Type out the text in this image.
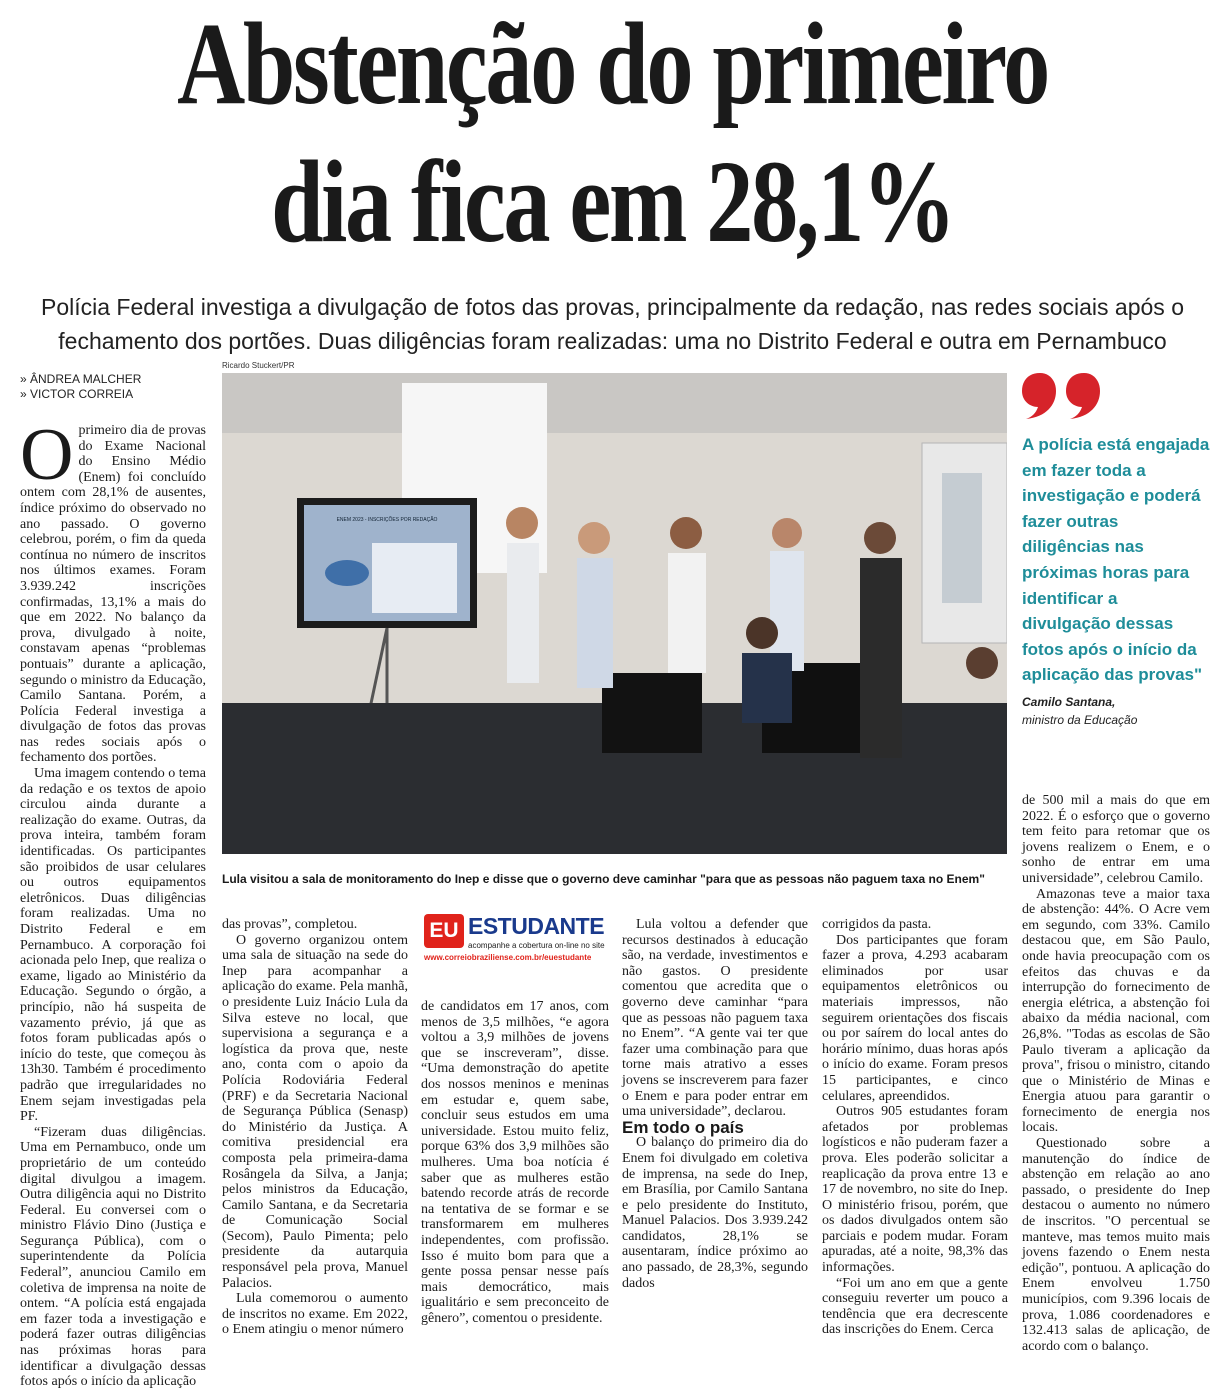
Abstenção do primeiro
dia fica em 28,1%
Polícia Federal investiga a divulgação de fotos das provas, principalmente da redação, nas redes sociais após o fechamento dos portões. Duas diligências foram realizadas: uma no Distrito Federal e outra em Pernambuco
» ÂNDREA MALCHER
» VICTOR CORREIA

Oprimeiro dia de provas do Exame Nacional do Ensino Médio (Enem) foi concluído ontem com 28,1% de ausentes, índice próximo do observado no ano passado. O governo celebrou, porém, o fim da queda contínua no número de inscritos nos últimos exames. Foram 3.939.242 inscrições confirmadas, 13,1% a mais do que em 2022. No balanço da prova, divulgado à noite, constavam apenas “problemas pontuais” durante a aplicação, segundo o ministro da Educação, Camilo Santana. Porém, a Polícia Federal investiga a divulgação de fotos das provas nas redes sociais após o fechamento dos portões.

Uma imagem contendo o tema da redação e os textos de apoio circulou ainda durante a realização do exame. Outras, da prova inteira, também foram identificadas. Os participantes são proibidos de usar celulares ou outros equipamentos eletrônicos. Duas diligências foram realizadas. Uma no Distrito Federal e em Pernambuco. A corporação foi acionada pelo Inep, que realiza o exame, ligado ao Ministério da Educação. Segundo o órgão, a princípio, não há suspeita de vazamento prévio, já que as fotos foram publicadas após o início do teste, que começou às 13h30. Também é procedimento padrão que irregularidades no Enem sejam investigadas pela PF.

“Fizeram duas diligências. Uma em Pernambuco, onde um proprietário de um conteúdo digital divulgou a imagem. Outra diligência aqui no Distrito Federal. Eu conversei com o ministro Flávio Dino (Justiça e Segurança Pública), com o superintendente da Polícia Federal”, anunciou Camilo em coletiva de imprensa na noite de ontem. “A polícia está engajada em fazer toda a investigação e poderá fazer outras diligências nas próximas horas para identificar a divulgação dessas fotos após o início da aplicação

Ricardo Stuckert/PR
ENEM 2023 - INSCRIÇÕES POR REDAÇÃO
Lula visitou a sala de monitoramento do Inep e disse que o governo deve caminhar "para que as pessoas não paguem taxa no Enem"
A polícia está engajada em fazer toda a investigação e poderá fazer outras diligências nas próximas horas para identificar a divulgação dessas fotos após o início da aplicação das provas"
Camilo Santana,
ministro da Educação

das provas”, completou.

O governo organizou ontem uma sala de situação na sede do Inep para acompanhar a aplicação do exame. Pela manhã, o presidente Luiz Inácio Lula da Silva esteve no local, que supervisiona a segurança e a logística da prova que, neste ano, conta com o apoio da Polícia Rodoviária Federal (PRF) e da Secretaria Nacional de Segurança Pública (Senasp) do Ministério da Justiça. A comitiva presidencial era composta pela primeira-dama Rosângela da Silva, a Janja; pelos ministros da Educação, Camilo Santana, e da Secretaria de Comunicação Social (Secom), Paulo Pimenta; pelo presidente da autarquia responsável pela prova, Manuel Palacios.

Lula comemorou o aumento de inscritos no exame. Em 2022, o Enem atingiu o menor número

EU ESTUDANTE
acompanhe a cobertura on-line no site
www.correiobraziliense.com.br/euestudante

de candidatos em 17 anos, com menos de 3,5 milhões, “e agora voltou a 3,9 milhões de jovens que se inscreveram”, disse. “Uma demonstração do apetite dos nossos meninos e meninas em estudar e, quem sabe, concluir seus estudos em uma universidade. Estou muito feliz, porque 63% dos 3,9 milhões são mulheres. Uma boa notícia é saber que as mulheres estão batendo recorde atrás de recorde na tentativa de se formar e se transformarem em mulheres independentes, com profissão. Isso é muito bom para que a gente possa pensar nesse país mais democrático, mais igualitário e sem preconceito de gênero”, comentou o presidente.

Lula voltou a defender que recursos destinados à educação são, na verdade, investimentos e não gastos. O presidente comentou que acredita que o governo deve caminhar “para que as pessoas não paguem taxa no Enem”. “A gente vai ter que fazer uma combinação para que torne mais atrativo a esses jovens se inscreverem para fazer o Enem e para poder entrar em uma universidade”, declarou.

Em todo o país

O balanço do primeiro dia do Enem foi divulgado em coletiva de imprensa, na sede do Inep, em Brasília, por Camilo Santana e pelo presidente do Instituto, Manuel Palacios. Dos 3.939.242 candidatos, 28,1% se ausentaram, índice próximo ao ano passado, de 28,3%, segundo dados

corrigidos da pasta.

Dos participantes que foram fazer a prova, 4.293 acabaram eliminados por usar equipamentos eletrônicos ou materiais impressos, não seguirem orientações dos fiscais ou por saírem do local antes do horário mínimo, duas horas após o início do exame. Foram presos 15 participantes, e cinco celulares, apreendidos.

Outros 905 estudantes foram afetados por problemas logísticos e não puderam fazer a prova. Eles poderão solicitar a reaplicação da prova entre 13 e 17 de novembro, no site do Inep. O ministério frisou, porém, que os dados divulgados ontem são parciais e podem mudar. Foram apuradas, até a noite, 98,3% das informações.

“Foi um ano em que a gente conseguiu reverter um pouco a tendência que era decrescente das inscrições do Enem. Cerca

de 500 mil a mais do que em 2022. É o esforço que o governo tem feito para retomar que os jovens realizem o Enem, e o sonho de entrar em uma universidade”, celebrou Camilo.

Amazonas teve a maior taxa de abstenção: 44%. O Acre vem em segundo, com 33%. Camilo destacou que, em São Paulo, onde havia preocupação com os efeitos das chuvas e da interrupção do fornecimento de energia elétrica, a abstenção foi abaixo da média nacional, com 26,8%. "Todas as escolas de São Paulo tiveram a aplicação da prova", frisou o ministro, citando que o Ministério de Minas e Energia atuou para garantir o fornecimento de energia nos locais.

Questionado sobre a manutenção do índice de abstenção em relação ao ano passado, o presidente do Inep destacou o aumento no número de inscritos. "O percentual se manteve, mas temos muito mais jovens fazendo o Enem nesta edição", pontuou. A aplicação do Enem envolveu 1.750 municípios, com 9.396 locais de prova, 1.086 coordenadores e 132.413 salas de aplicação, de acordo com o balanço.
